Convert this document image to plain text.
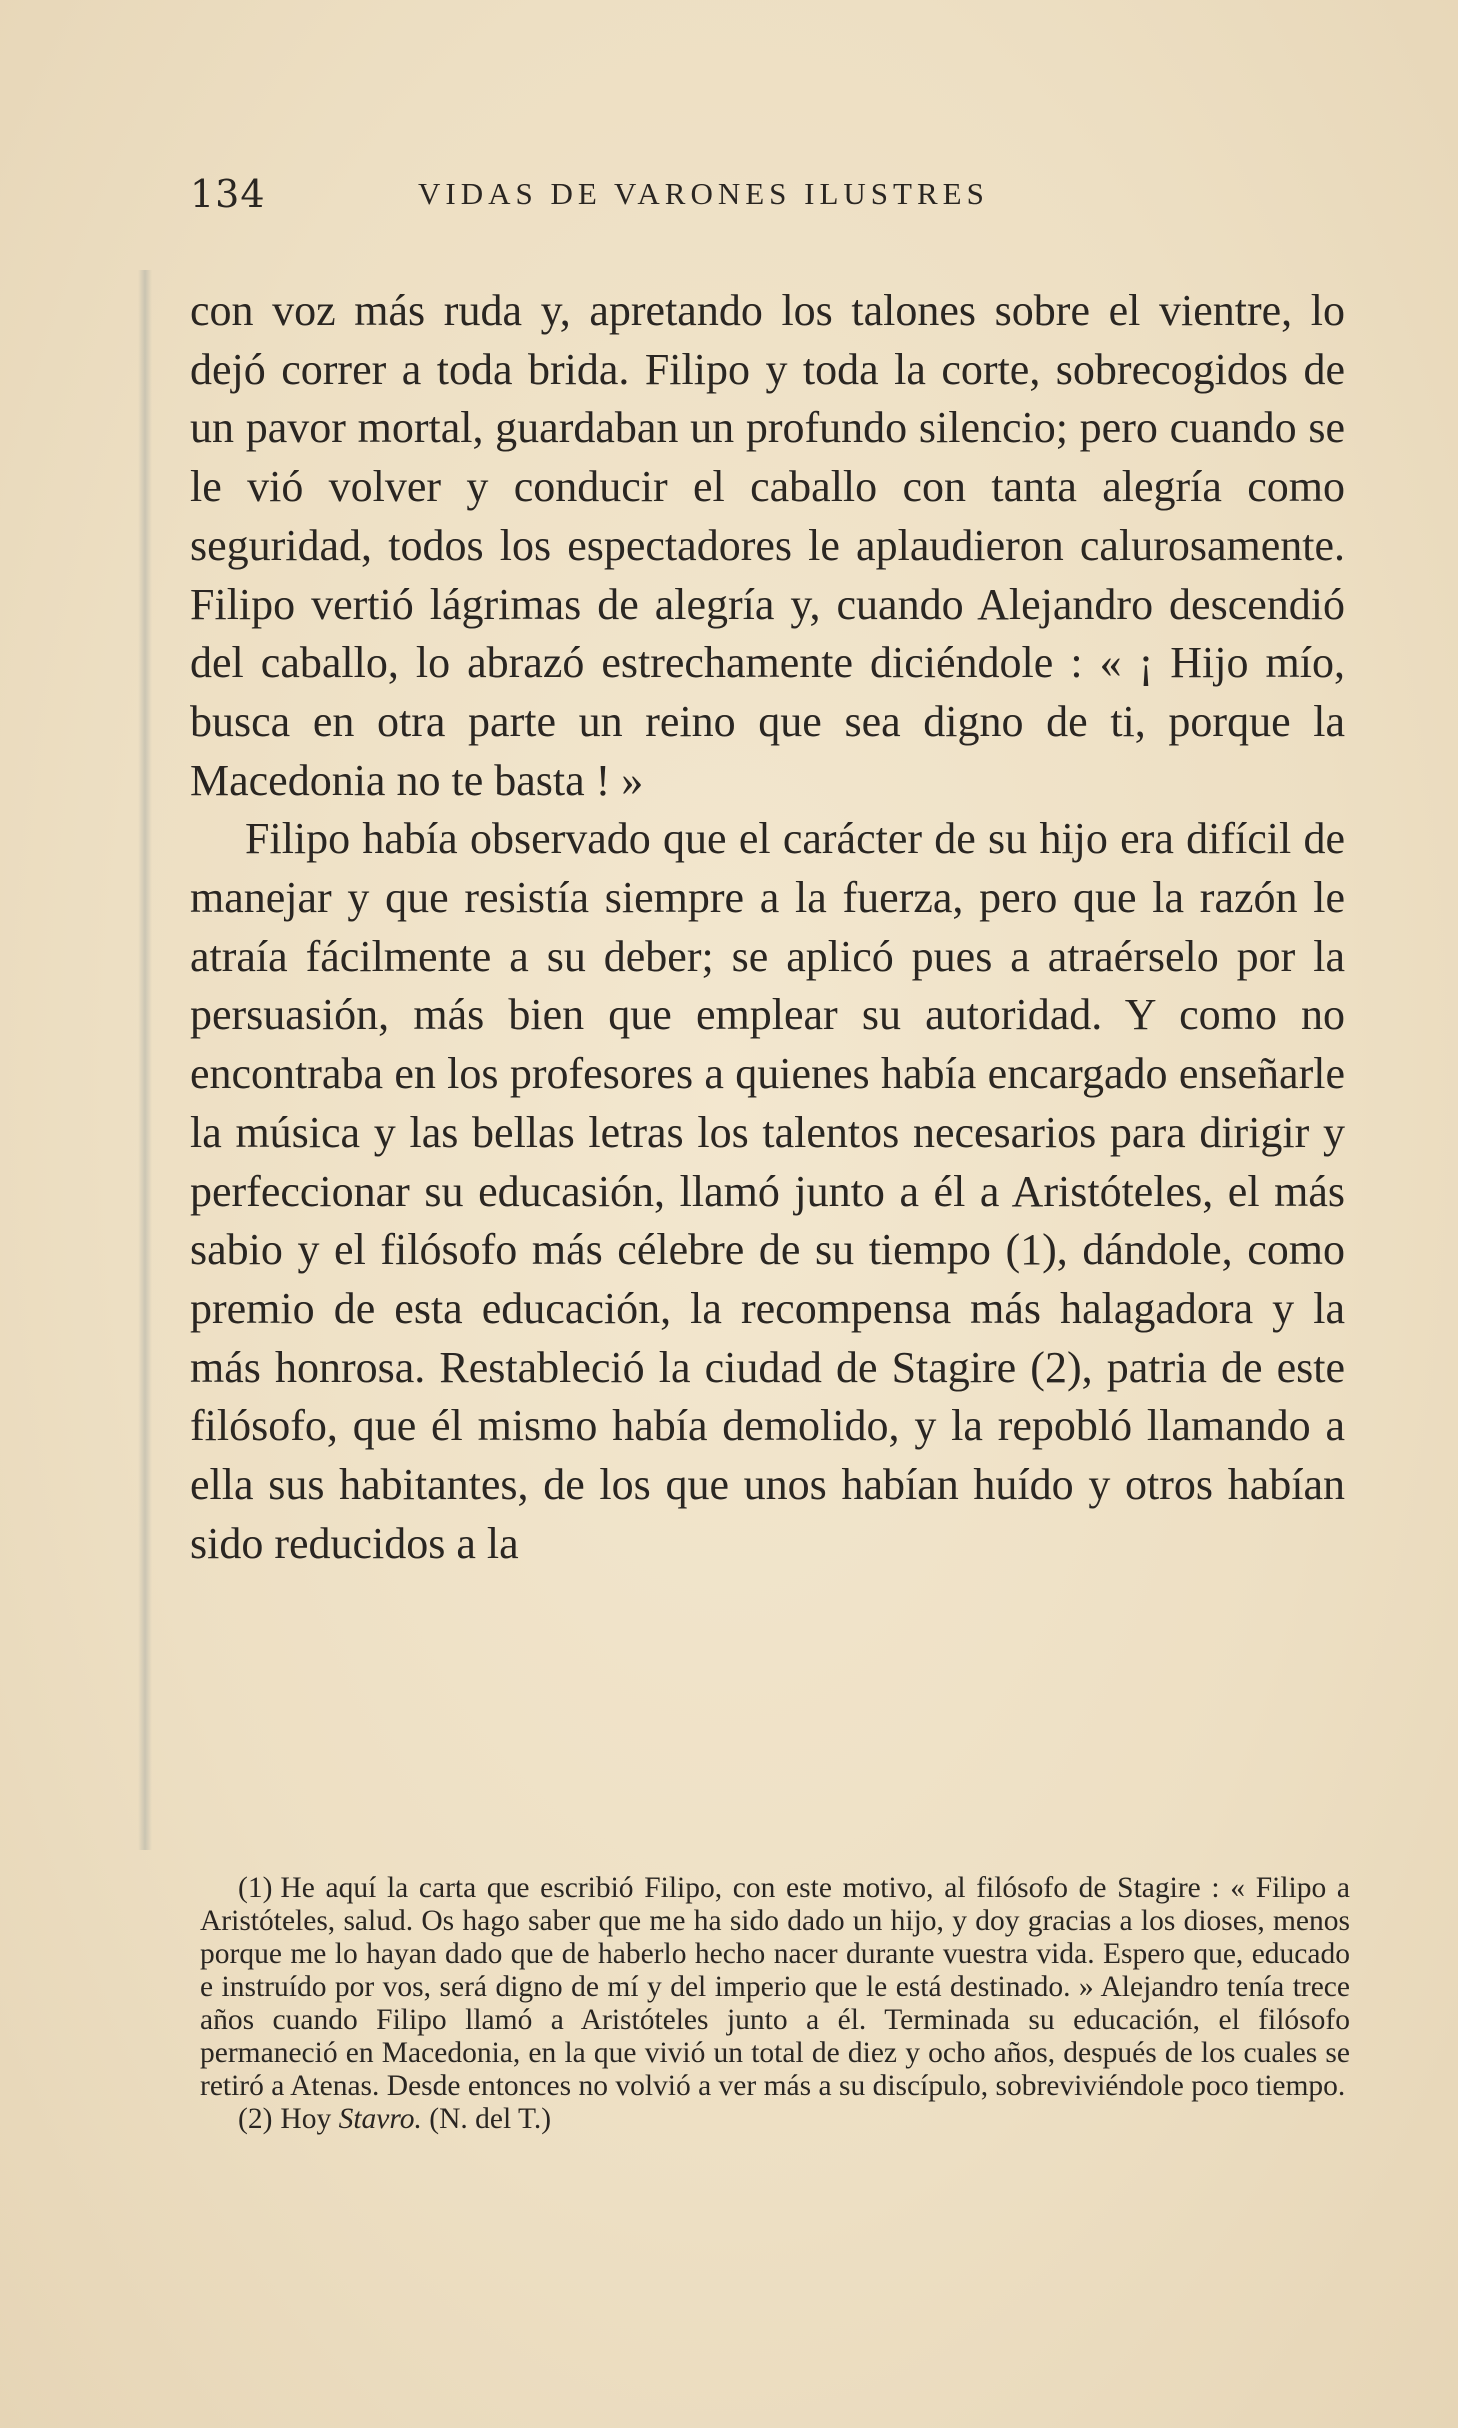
134	VIDAS DE VARONES ILUSTRES

con voz más ruda y, apretando los talones sobre el vientre, lo dejó correr a toda brida. Filipo y toda la corte, sobrecogidos de un pavor mortal, guardaban un profundo silencio; pero cuando se le vió volver y conducir el caballo con tanta alegría como seguridad, todos los espectadores le aplaudieron calurosamente. Filipo vertió lágrimas de alegría y, cuando Alejandro descendió del caballo, lo abrazó estrechamente diciéndole : « ¡ Hijo mío, busca en otra parte un reino que sea digno de ti, porque la Macedonia no te basta ! »

Filipo había observado que el carácter de su hijo era difícil de manejar y que resistía siempre a la fuerza, pero que la razón le atraía fácilmente a su deber; se aplicó pues a atraérselo por la persuasión, más bien que emplear su autoridad. Y como no encontraba en los profesores a quienes había encargado enseñarle la música y las bellas letras los talentos necesarios para dirigir y perfeccionar su educasión, llamó junto a él a Aristóteles, el más sabio y el filósofo más célebre de su tiempo (1), dándole, como premio de esta educación, la recompensa más halagadora y la más honrosa. Restableció la ciudad de Stagire (2), patria de este filósofo, que él mismo había demolido, y la repobló llamando a ella sus habitantes, de los que unos habían huído y otros habían sido reducidos a la

(1) He aquí la carta que escribió Filipo, con este motivo, al filósofo de Stagire : « Filipo a Aristóteles, salud. Os hago saber que me ha sido dado un hijo, y doy gracias a los dioses, menos porque me lo hayan dado que de haberlo hecho nacer durante vuestra vida. Espero que, educado e instruído por vos, será digno de mí y del imperio que le está destinado. » Alejandro tenía trece años cuando Filipo llamó a Aristóteles junto a él. Terminada su educación, el filósofo permaneció en Macedonia, en la que vivió un total de diez y ocho años, después de los cuales se retiró a Atenas. Desde entonces no volvió a ver más a su discípulo, sobreviviéndole poco tiempo.

(2) Hoy Stavro. (N. del T.)
